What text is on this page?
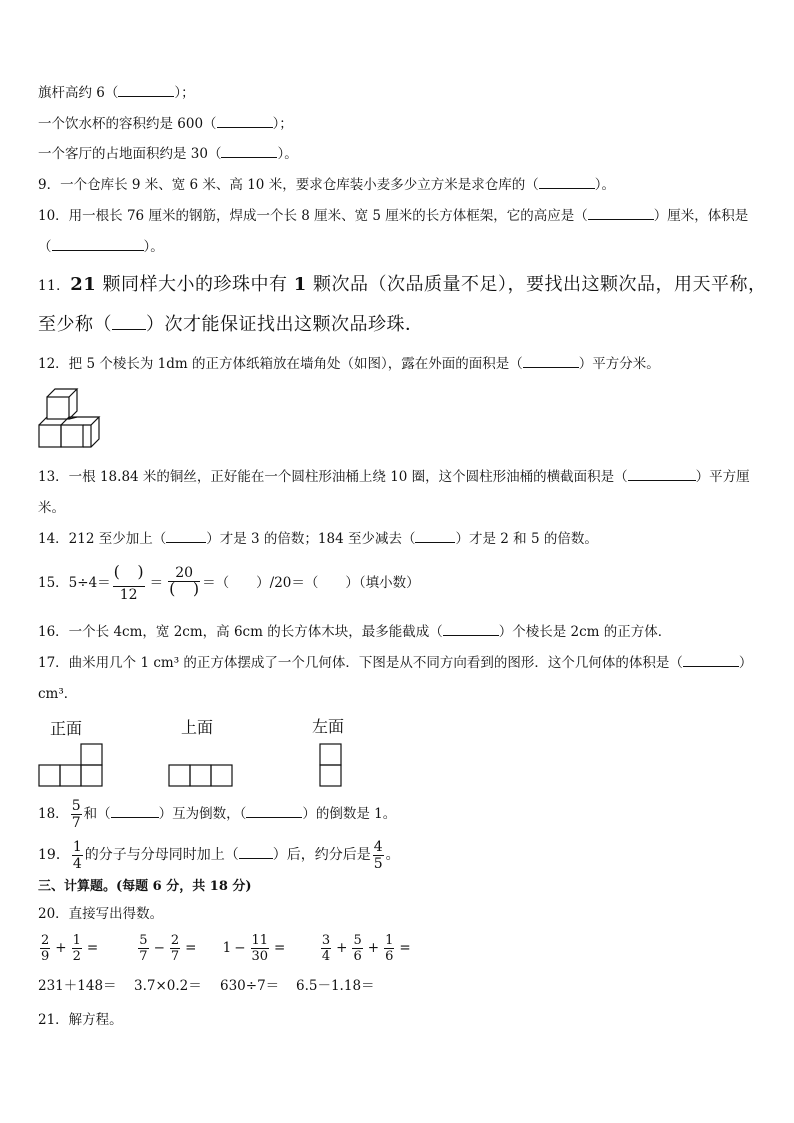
旗杆高约 6（	）；
一个饮水杯的容积约是 600（	）；
一个客厅的占地面积约是 30（	）。
9．一个仓库长 9 米、宽 6 米、高 10 米，要求仓库装小麦多少立方米是求仓库的（	）。
10．用一根长 76 厘米的钢筋，焊成一个长 8 厘米、宽 5 厘米的长方体框架，它的高应是（	）厘米，体积是
（	）。
11．21 颗同样大小的珍珠中有 1 颗次品（次品质量不足），要找出这颗次品，用天平称，
至少称（ ）次才能保证找出这颗次品珍珠．
12．把 5 个棱长为 1dm 的正方体纸箱放在墙角处（如图），露在外面的面积是（	）平方分米。
13．一根 18.84 米的铜丝，正好能在一个圆柱形油桶上绕 10 圈，这个圆柱形油桶的横截面积是（	）平方厘
米。
14．212 至少加上（	）才是 3 的倍数；184 至少减去（	）才是 2 和 5 的倍数。
15．5÷4＝
( )
12
＝
20
( )
＝（　　）/20＝（　　）（填小数）
16．一个长 4cm，宽 2cm，高 6cm 的长方体木块，最多能截成（	）个棱长是 2cm 的正方体．
17．曲米用几个 1 cm³ 的正方体摆成了一个几何体．下图是从不同方向看到的图形．这个几何体的体积是（	）
cm³．
正面	上面	左面
18． $\frac{5}{7}$ 和（	）互为倒数，（	）的倒数是 1。
19． $\frac{1}{4}$ 的分子与分母同时加上（ ）后，约分后是 $\frac{4}{5}$ 。
三、计算题。(每题 6 分，共 18 分)
20．直接写出得数。
$\frac{2}{9} + \frac{1}{2}$ =	$\frac{5}{7} - \frac{2}{7} = 1 - \frac{11}{30}$ =	$\frac{3}{4} + \frac{5}{6} + \frac{1}{6}$ =
231＋148＝ 3.7×0.2＝ 630÷7＝ 6.5－1.18＝
21．解方程。
